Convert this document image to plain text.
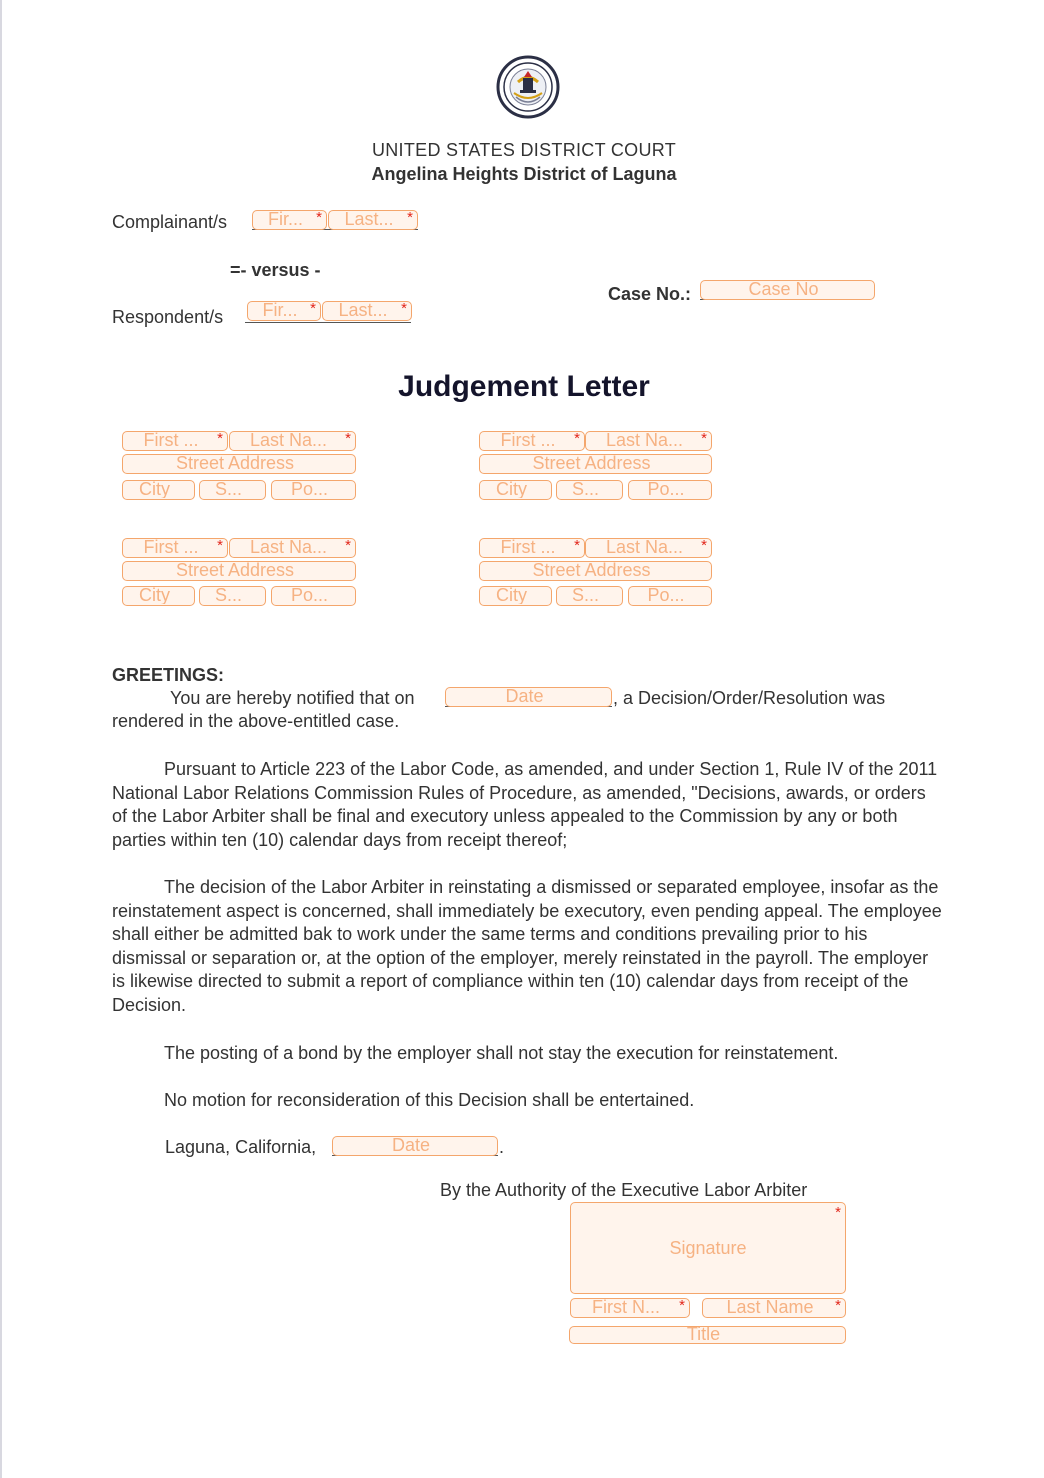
UNITED STATES DISTRICT COURT
Angelina Heights District of Laguna
Complainant/s	Fir... *	Last... *
=- versus -
Case No.:	Case No
Respondent/s	Fir... *	Last... *
Judgement Letter
First ...	*	Last Na...	*
Street Address
City	S...	Po...
First ...	*	Last Na...	*
Street Address
City	S...	Po...
First ...	*	Last Na...	*
Street Address
City	S...	Po...
First ...	*	Last Na...	*
Street Address
City	S...	Po...
GREETINGS:
You are hereby notified that on	Date	, a Decision/Order/Resolution was
rendered in the above-entitled case.
Pursuant to Article 223 of the Labor Code, as amended, and under Section 1, Rule IV of the 2011 National Labor Relations Commission Rules of Procedure, as amended, "Decisions, awards, or orders of the Labor Arbiter shall be final and executory unless appealed to the Commission by any or both parties within ten (10) calendar days from receipt thereof;
The decision of the Labor Arbiter in reinstating a dismissed or separated employee, insofar as the reinstatement aspect is concerned, shall immediately be executory, even pending appeal. The employee shall either be admitted bak to work under the same terms and conditions prevailing prior to his dismissal or separation or, at the option of the employer, merely reinstated in the payroll. The employer is likewise directed to submit a report of compliance within ten (10) calendar days from receipt of the Decision.
The posting of a bond by the employer shall not stay the execution for reinstatement.
No motion for reconsideration of this Decision shall be entertained.
Laguna, California,	Date	.
By the Authority of the Executive Labor Arbiter
Signature
*
First N...	*	Last Name	*
Title
